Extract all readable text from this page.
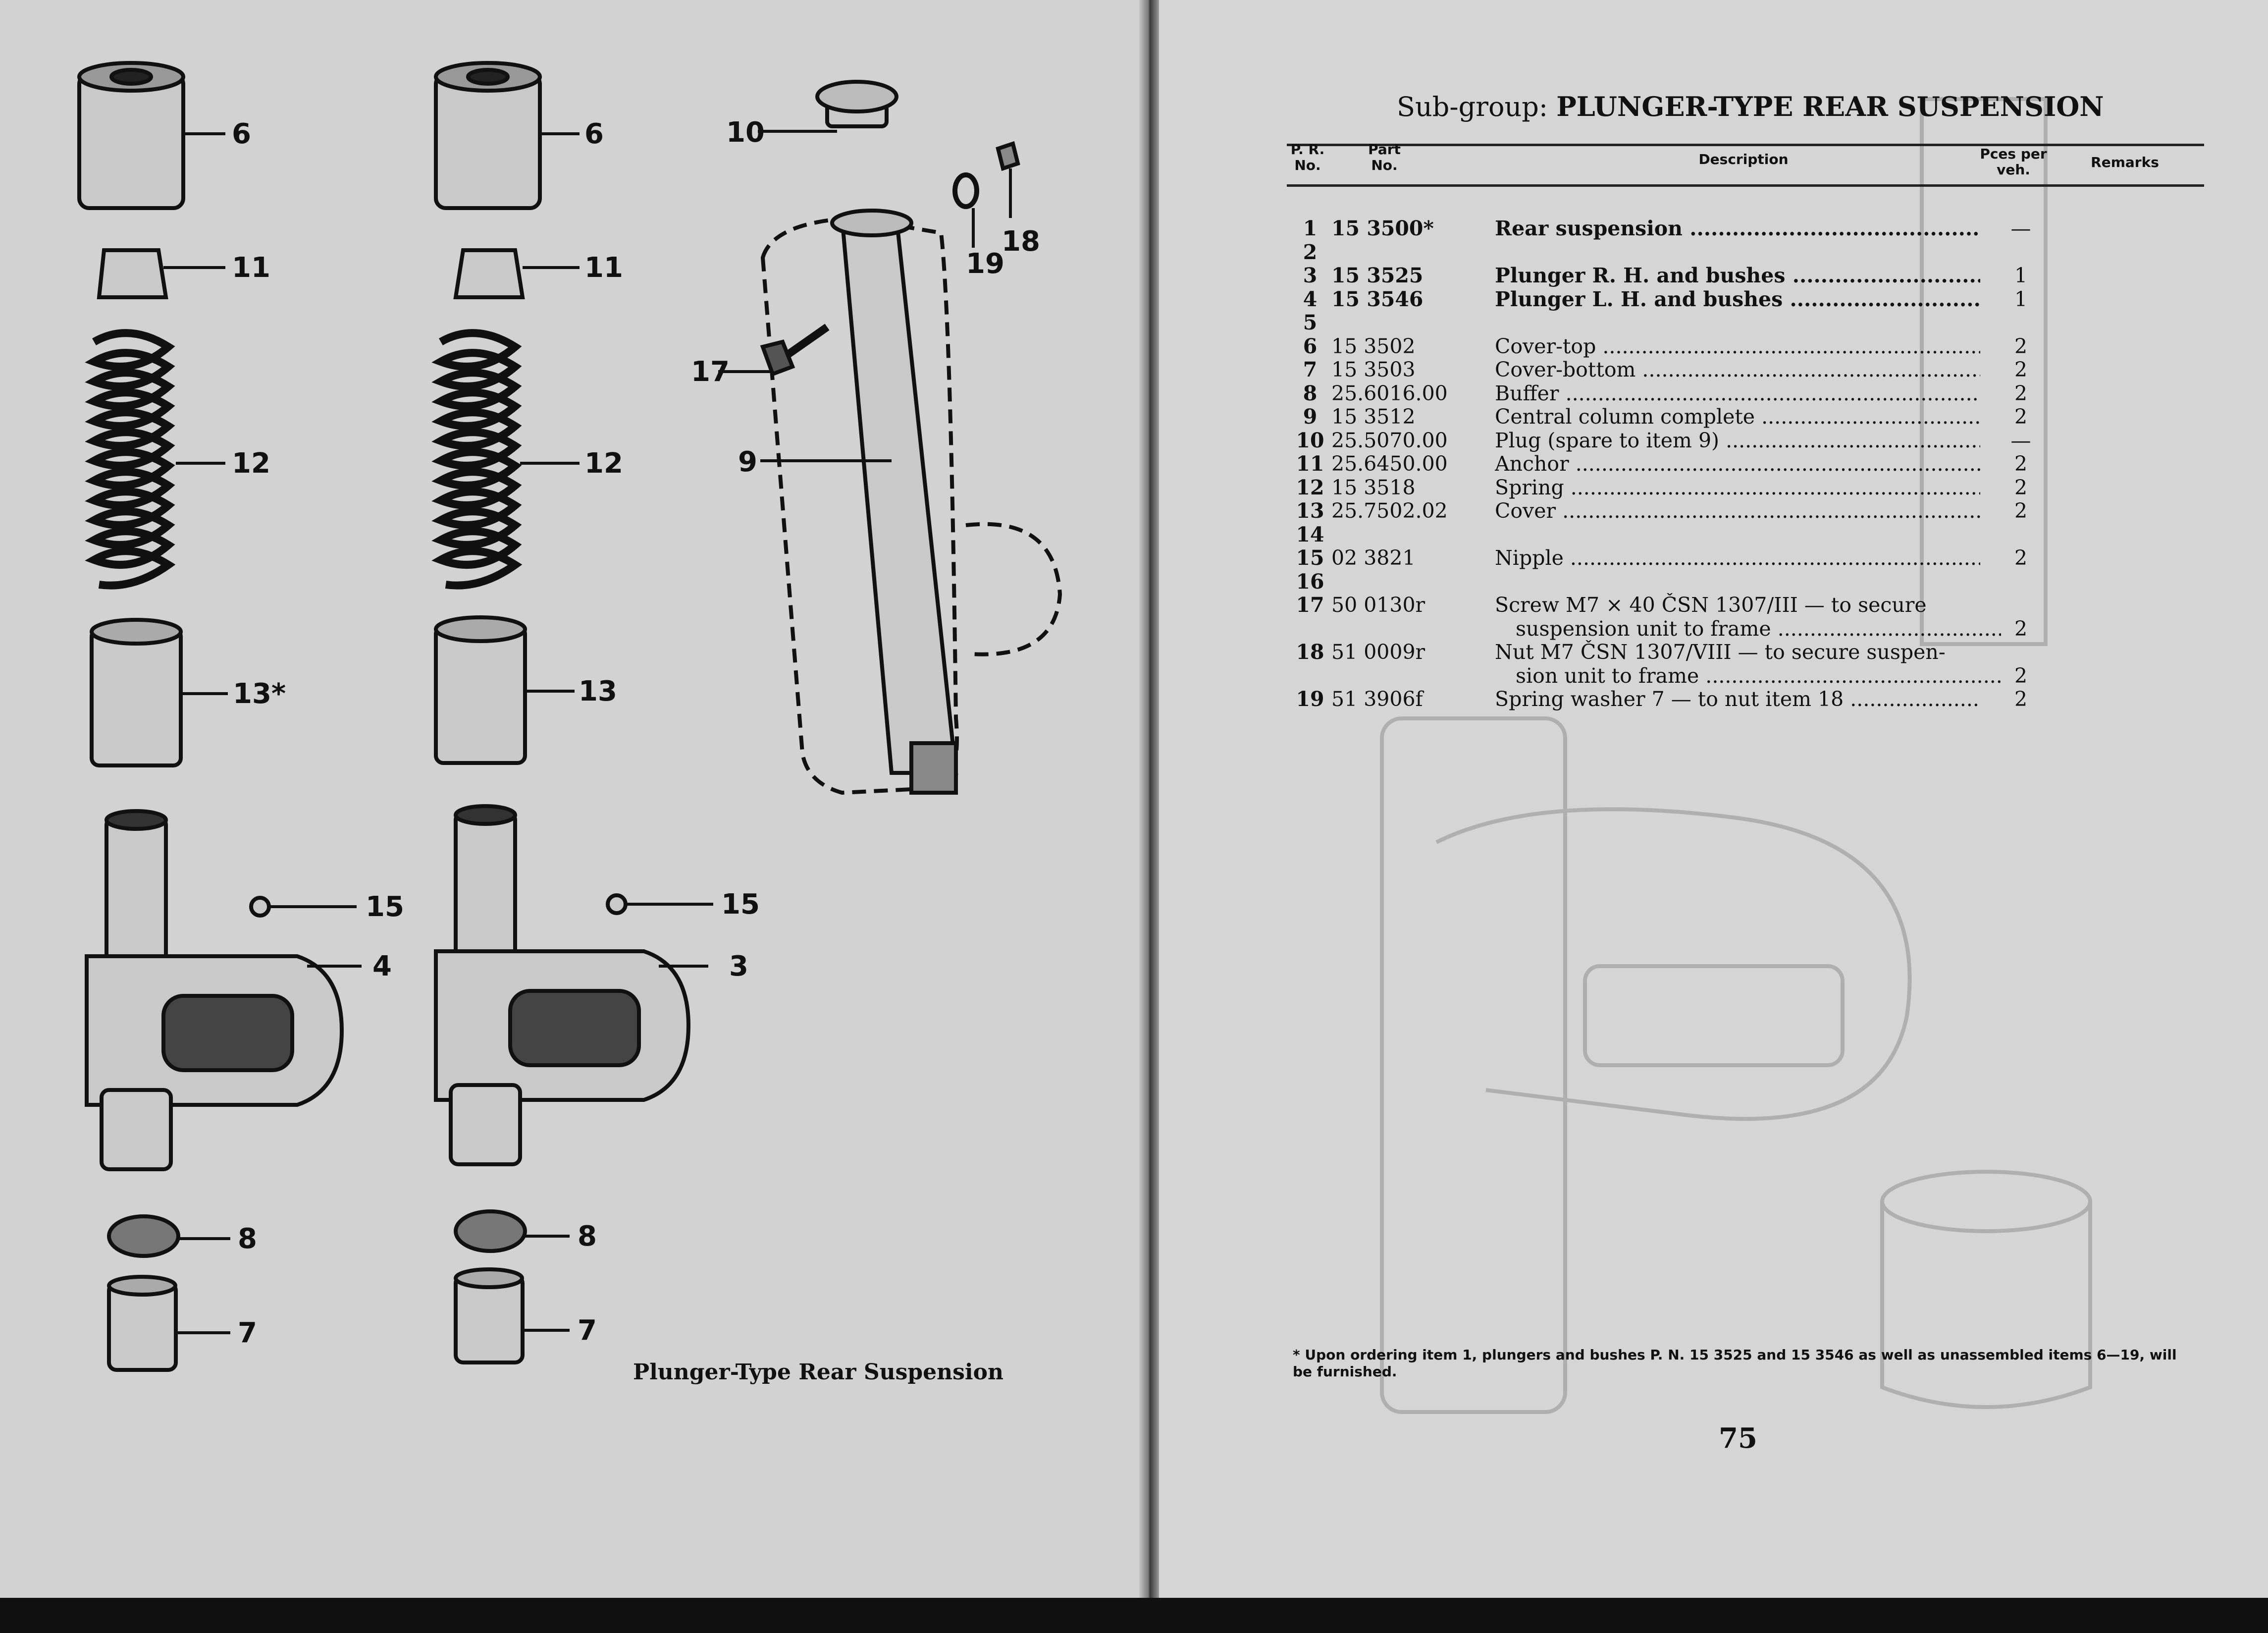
6	6	10
18
19
11	11
17
12	12	9
13*	13
15	15
4	3
8	8
7	7
Plunger-Type Rear Suspension
Sub-group: PLUNGER-TYPE REAR SUSPENSION
P. R. No.
Part No.	Description	Pces per veh.	Remarks
1 15 3500*	Rear suspension .....	—
2
3 15 3525	Plunger R. H. and bushes .....	1
4 15 3546	Plunger L. H. and bushes .....	1
5
6 15 3502	Cover-top .....	2
7 15 3503	Cover-bottom .....	2
8 25.6016.00 Buffer .....	2
9 15 3512	Central column complete .....	2
10 25.5070.00 Plug (spare to item 9) .....	—
11 25.6450.00 Anchor .....	2
12 15 3518	Spring .....	2
13 25.7502.02 Cover .....	2
14
15 02 3821	Nipple .....	2
16
17 50 0130r	Screw M7 × 40 ČSN 1307/III — to secure
suspension unit to frame .....	2
18 51 0009r	Nut M7 ČSN 1307/VIII — to secure suspen-
sion unit to frame .....	2
19 51 3906f	Spring washer 7 — to nut item 18 .....	2
* Upon ordering item 1, plungers and bushes P. N. 15 3525 and 15 3546 as well as unassembled items 6—19, will be furnished.
75
